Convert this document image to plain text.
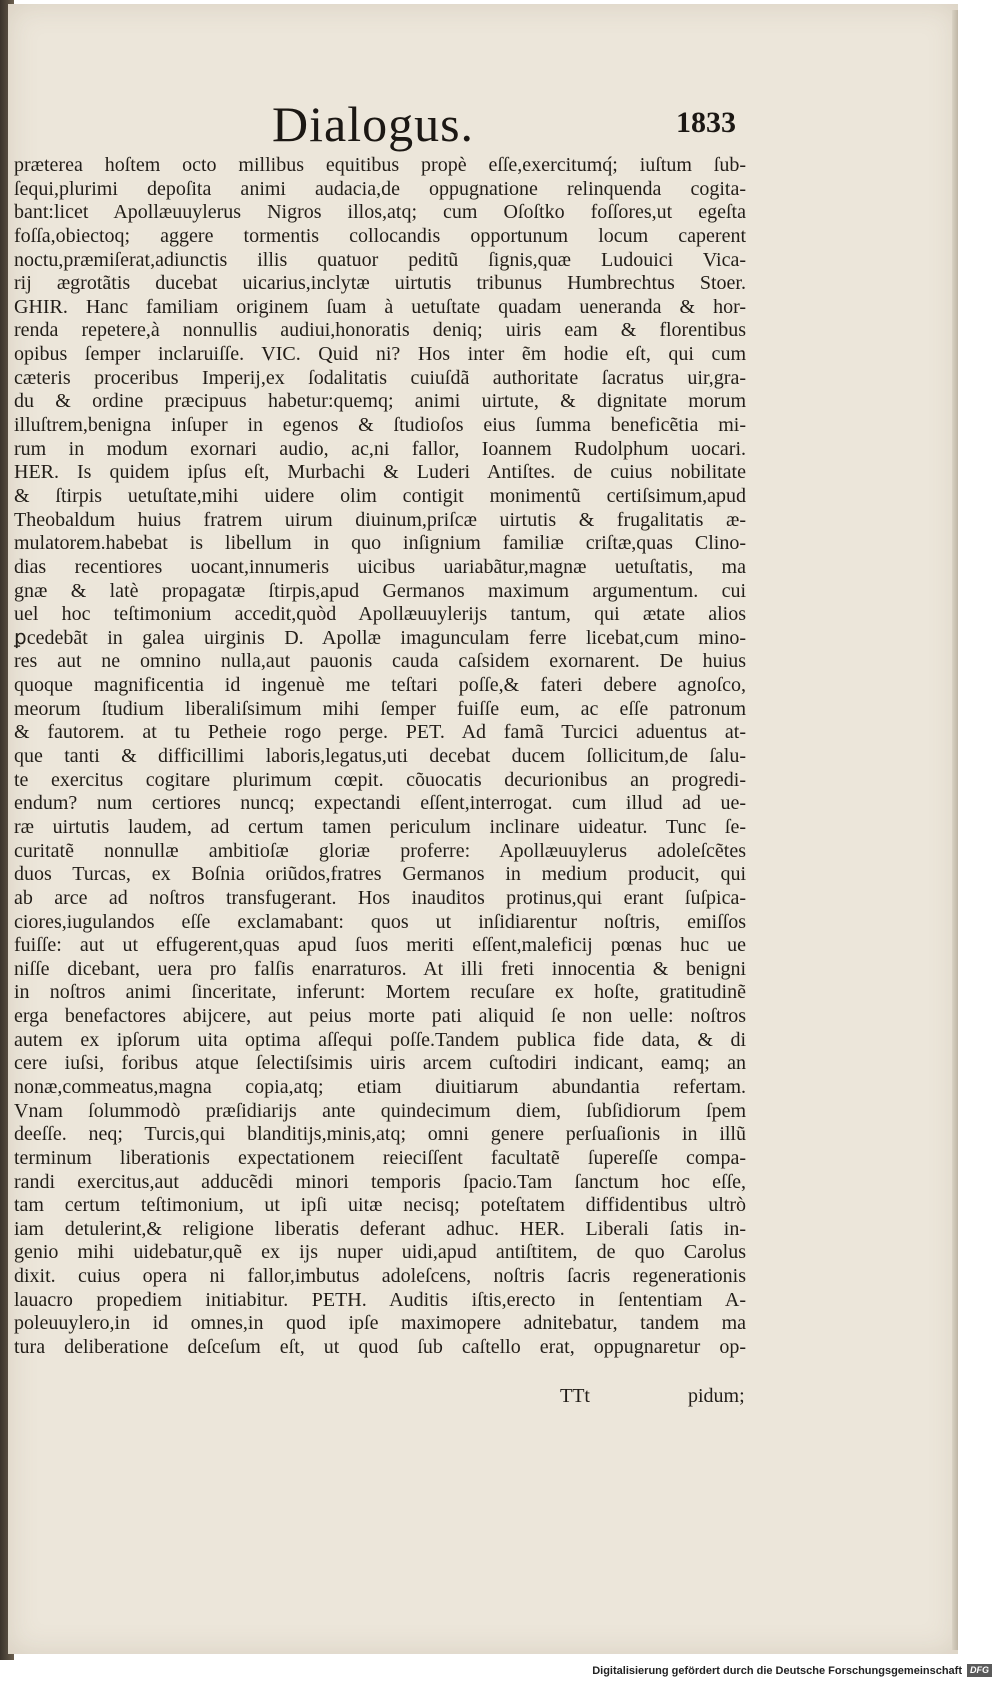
Dialogus.	1833
prӕterea hoſtem octo millibus equitibus propè eſſe,exercitumq́; iuſtum ſub-
ſequi,plurimi depoſita animi audacia,de oppugnatione relinquenda cogita-
bant:licet Apollӕuuylerus Nigros illos,atq; cum Oſoſtko foſſores,ut egeſta
foſſa,obiectoq; aggere tormentis collocandis opportunum locum caperent
noctu,prӕmiſerat,adiunctis illis quatuor peditũ ſignis,quӕ Ludouici Vica-
rij ӕgrotãtis ducebat uicarius,inclytӕ uirtutis tribunus Humbrechtus Stoer.
GHIR. Hanc familiam originem ſuam à uetuſtate quadam ueneranda & hor-
renda repetere,à nonnullis audiui,honoratis deniq; uiris eam & florentibus
opibus ſemper inclaruiſſe. VIC. Quid ni? Hos inter ẽm hodie eſt, qui cum
cӕteris proceribus Imperij,ex ſodalitatis cuiuſdã authoritate ſacratus uir,gra-
du & ordine prӕcipuus habetur:quemq; animi uirtute, & dignitate morum
illuſtrem,benigna inſuper in egenos & ſtudioſos eius ſumma beneficẽtia mi-
rum in modum exornari audio, ac,ni fallor, Ioannem Rudolphum uocari.
HER. Is quidem ipſus eſt, Murbachi & Luderi Antiſtes. de cuius nobilitate
& ſtirpis uetuſtate,mihi uidere olim contigit monimentũ certiſsimum,apud
Theobaldum huius fratrem uirum diuinum,priſcӕ uirtutis & frugalitatis ӕ-
mulatorem.habebat is libellum in quo inſignium familiӕ criſtӕ,quas Clino-
dias recentiores uocant,innumeris uicibus uariabãtur,magnӕ uetuſtatis, ma
gnӕ & latè propagatӕ ſtirpis,apud Germanos maximum argumentum. cui
uel hoc teſtimonium accedit,quòd Apollӕuuylerijs tantum, qui ӕtate alios
ꝑcedebãt in galea uirginis D. Apollӕ imagunculam ferre licebat,cum mino-
res aut ne omnino nulla,aut pauonis cauda caſsidem exornarent. De huius
quoque magnificentia id ingenuè me teſtari poſſe,& fateri debere agnoſco,
meorum ſtudium liberaliſsimum mihi ſemper fuiſſe eum, ac eſſe patronum
& fautorem. at tu Petheie rogo perge. PET. Ad famã Turcici aduentus at-
que tanti & difficillimi laboris,legatus,uti decebat ducem ſollicitum,de ſalu-
te exercitus cogitare plurimum cœpit. cõuocatis decurionibus an progredi-
endum? num certiores nuncq; expectandi eſſent,interrogat. cum illud ad ue-
rӕ uirtutis laudem, ad certum tamen periculum inclinare uideatur. Tunc ſe-
curitatẽ nonnullӕ ambitioſӕ gloriӕ proferre: Apollӕuuylerus adoleſcẽtes
duos Turcas, ex Boſnia oriũdos,fratres Germanos in medium producit, qui
ab arce ad noſtros transfugerant. Hos inauditos protinus,qui erant ſuſpica-
ciores,iugulandos eſſe exclamabant: quos ut inſidiarentur noſtris, emiſſos
fuiſſe: aut ut effugerent,quas apud ſuos meriti eſſent,maleficij pœnas huc ue
niſſe dicebant, uera pro falſis enarraturos. At illi freti innocentia & benigni
in noſtros animi ſinceritate, inferunt: Mortem recuſare ex hoſte, gratitudinẽ
erga benefactores abijcere, aut peius morte pati aliquid ſe non uelle: noſtros
autem ex ipſorum uita optima aſſequi poſſe.Tandem publica fide data, & di
cere iuſsi, foribus atque ſelectiſsimis uiris arcem cuſtodiri indicant, eamq; an
nonӕ,commeatus,magna copia,atq; etiam diuitiarum abundantia refertam.
Vnam ſolummodò prӕſidiarijs ante quindecimum diem, ſubſidiorum ſpem
deeſſe. neq; Turcis,qui blanditijs,minis,atq; omni genere perſuaſionis in illũ
terminum liberationis expectationem reieciſſent facultatẽ ſupereſſe compa-
randi exercitus,aut adducẽdi minori temporis ſpacio.Tam ſanctum hoc eſſe,
tam certum teſtimonium, ut ipſi uitӕ necisq; poteſtatem diffidentibus ultrò
iam detulerint,& religione liberatis deferant adhuc. HER. Liberali ſatis in-
genio mihi uidebatur,quẽ ex ijs nuper uidi,apud antiſtitem, de quo Carolus
dixit. cuius opera ni fallor,imbutus adoleſcens, noſtris ſacris regenerationis
lauacro propediem initiabitur. PETH. Auditis iſtis,erecto in ſententiam A-
poleuuylero,in id omnes,in quod ipſe maximopere adnitebatur, tandem ma
tura deliberatione deſceſum eſt, ut quod ſub caſtello erat, oppugnaretur op-
TTt	pidum;
Digitalisierung gefördert durch die Deutsche Forschungsgemeinschaft DFG
